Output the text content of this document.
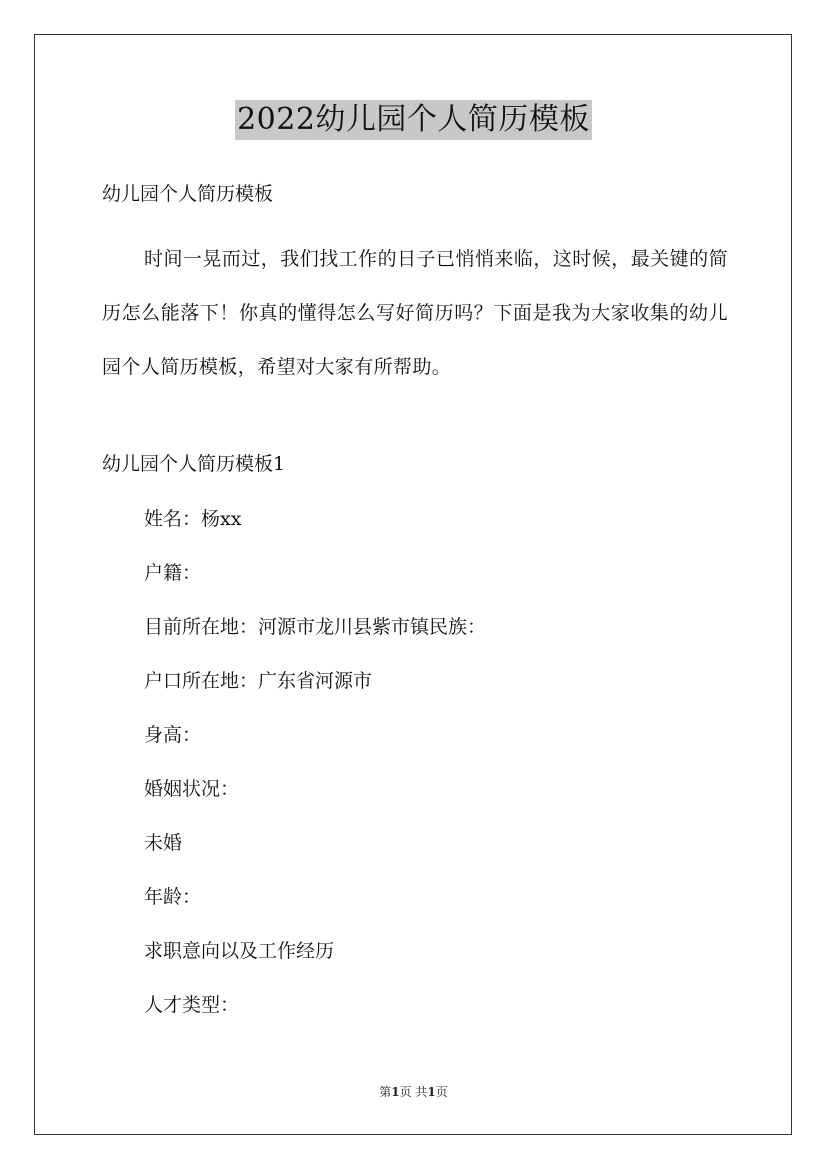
2022幼儿园个人简历模板
幼儿园个人简历模板
时间一晃而过，我们找工作的日子已悄悄来临，这时候，最关键的简历怎么能落下！你真的懂得怎么写好简历吗？下面是我为大家收集的幼儿园个人简历模板，希望对大家有所帮助。
幼儿园个人简历模板1
姓名：杨xx
户籍：
目前所在地：河源市龙川县紫市镇民族：
户口所在地：广东省河源市
身高：
婚姻状况：
未婚
年龄：
求职意向以及工作经历
人才类型：
第1页 共1页
